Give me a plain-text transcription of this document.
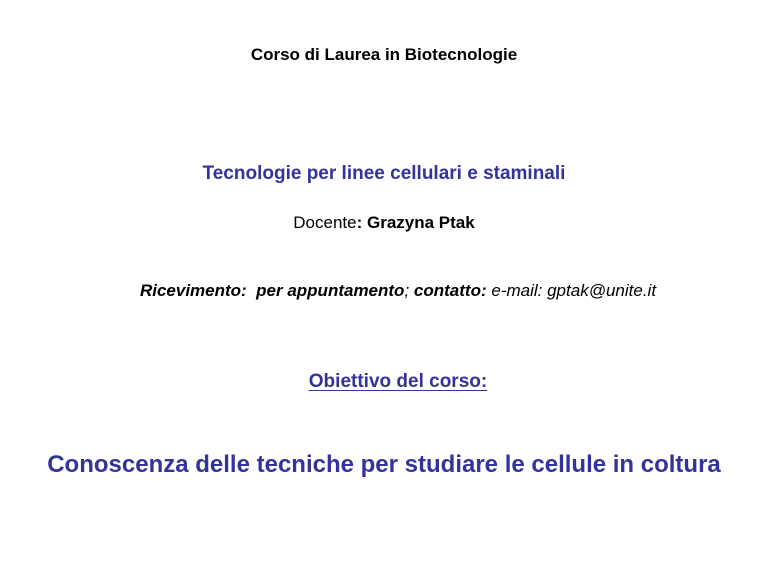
Corso di Laurea in Biotecnologie
Tecnologie per linee cellulari e staminali
Docente: Grazyna Ptak
Ricevimento: per appuntamento; contatto: e-mail: gptak@unite.it
Obiettivo del corso:
Conoscenza delle tecniche per studiare le cellule in coltura
